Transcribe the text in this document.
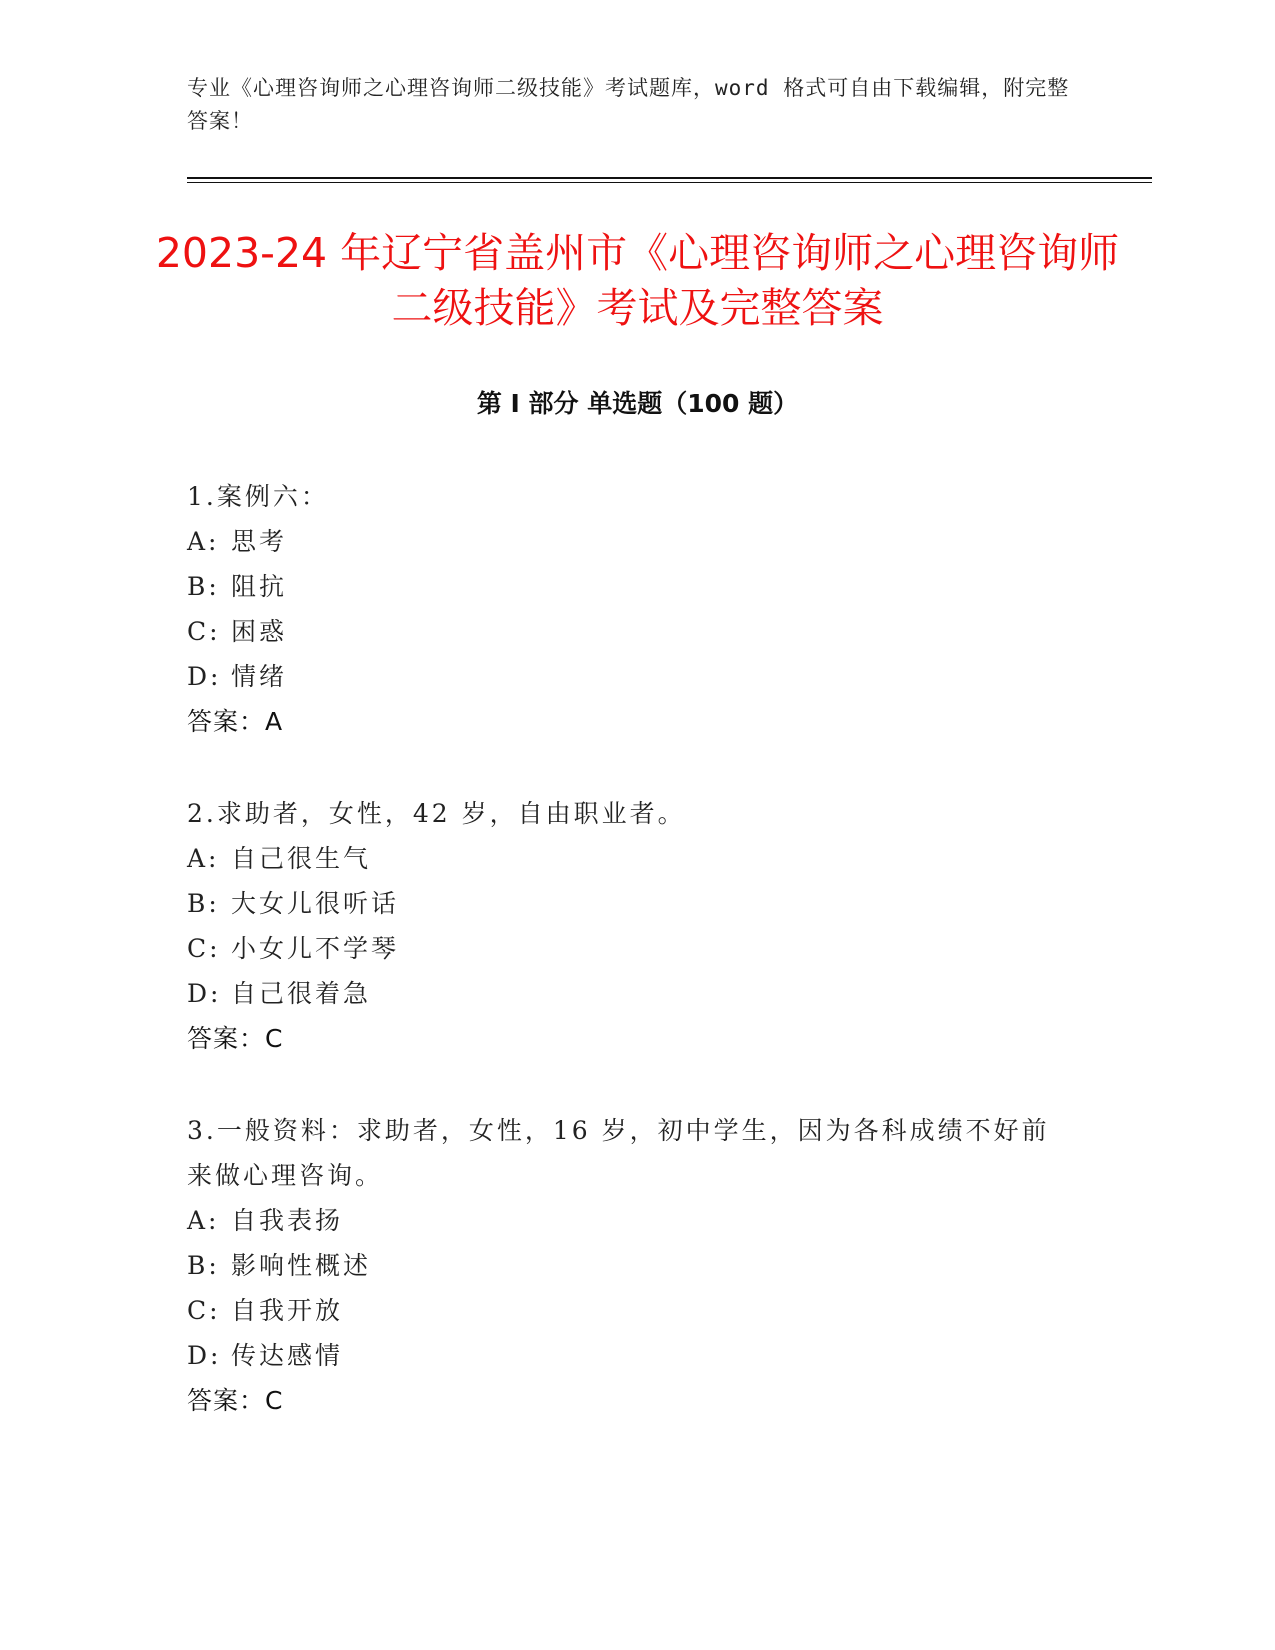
专业《心理咨询师之心理咨询师二级技能》考试题库，word 格式可自由下载编辑，附完整答案！
2023-24 年辽宁省盖州市《心理咨询师之心理咨询师二级技能》考试及完整答案
第 I 部分 单选题（100 题）
1.案例六：
A: 思考
B: 阻抗
C: 困惑
D: 情绪
答案：A
2.求助者，女性，42 岁，自由职业者。
A: 自己很生气
B: 大女儿很听话
C: 小女儿不学琴
D: 自己很着急
答案：C
3.一般资料：求助者，女性，16 岁，初中学生，因为各科成绩不好前来做心理咨询。
A: 自我表扬
B: 影响性概述
C: 自我开放
D: 传达感情
答案：C
